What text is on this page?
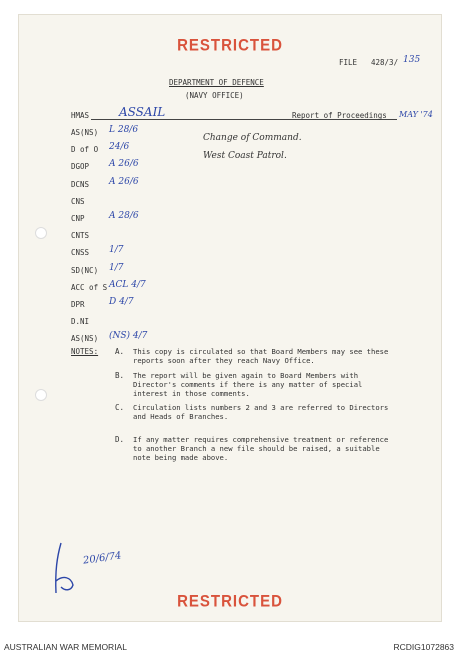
RESTRICTED
FILE 428/3/ 135
DEPARTMENT OF DEFENCE
(NAVY OFFICE)
HMAS ASSAIL	Report of Proceedings MAY '74
AS(NS) L 28/6
D of O 24/6
DGOP A 26/6
DCNS A 26/6
CNS
CNP	A 28/6
CNTS
CNSS 1/7
SD(NC) 1/7
ACC of S ACL 4/7
DPR	D 4/7
D.NI
AS(NS) (NS) 4/7
Change of Command.
West Coast Patrol.
NOTES: A. This copy is circulated so that Board Members may see these reports soon after they reach Navy Office.
B. The report will be given again to Board Members with Director's comments if there is any matter of special interest in those comments.
C. Circulation lists numbers 2 and 3 are referred to Directors and Heads of Branches.
D. If any matter requires comprehensive treatment or reference to another Branch a new file should be raised, a suitable note being made above.
20/6/74
RESTRICTED
AUSTRALIAN WAR MEMORIAL	RCDIG1072863
